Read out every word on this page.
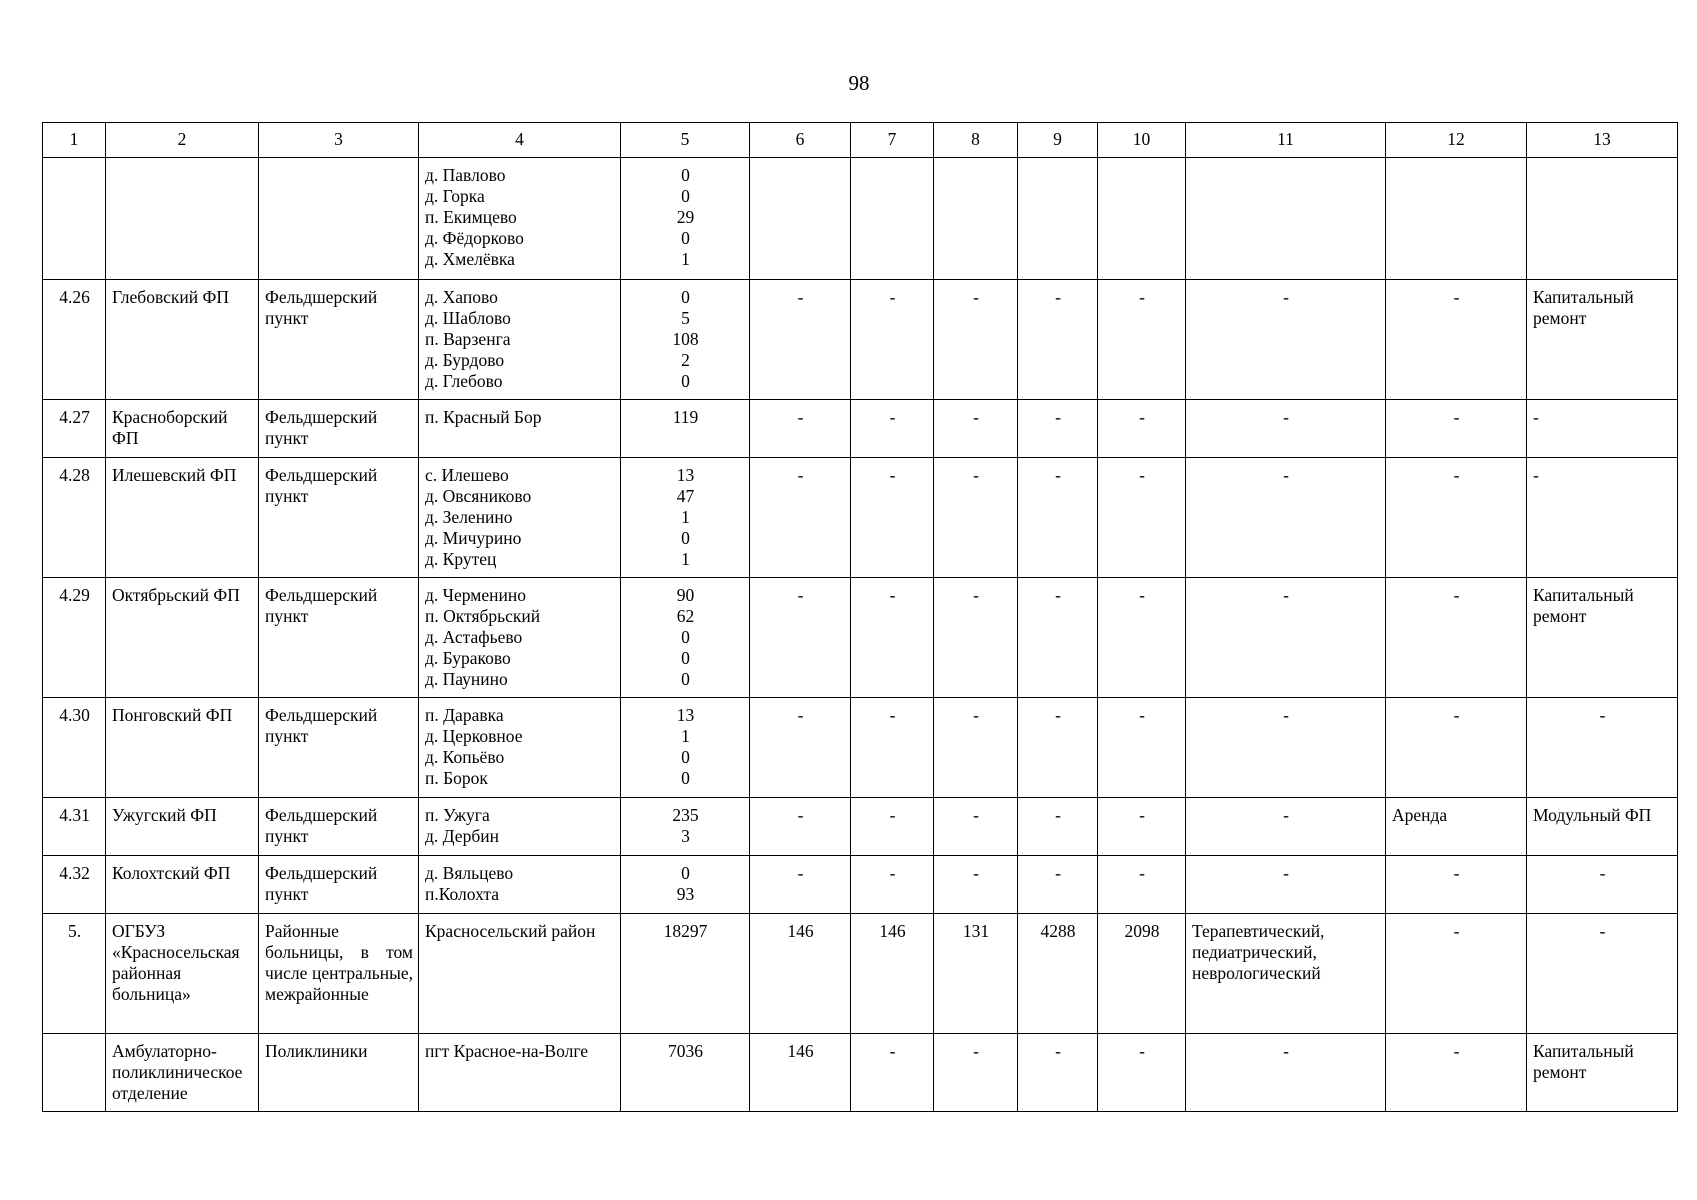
98
1	2	3	4	5	6	7	8	9	10	11	12	13
			д. Павлово
д. Горка
п. Екимцево
д. Фёдорково
д. Хмелёвка	0
0
29
0
1								
4.26	Глебовский ФП	Фельдшерский пункт	д. Хапово
д. Шаблово
п. Варзенга
д. Бурдово
д. Глебово	0
5
108
2
0	-	-	-	-	-	-	-	Капитальный ремонт
4.27	Красноборский ФП	Фельдшерский пункт	п. Красный Бор	119	-	-	-	-	-	-	-	-
4.28	Илешевский ФП	Фельдшерский пункт	с. Илешево
д. Овсяниково
д. Зеленино
д. Мичурино
д. Крутец	13
47
1
0
1	-	-	-	-	-	-	-	-
4.29	Октябрьский ФП	Фельдшерский пункт	д. Черменино
п. Октябрьский
д. Астафьево
д. Бураково
д. Паунино	90
62
0
0
0	-	-	-	-	-	-	-	Капитальный ремонт
4.30	Понговский ФП	Фельдшерский пункт	п. Даравка
д. Церковное
д. Копьёво
п. Борок	13
1
0
0	-	-	-	-	-	-	-	-
4.31	Ужугский ФП	Фельдшерский пункт	п. Ужуга
д. Дербин	235
3	-	-	-	-	-	-	Аренда	Модульный ФП
4.32	Колохтский ФП	Фельдшерский пункт	д. Вяльцево
п.Колохта	0
93	-	-	-	-	-	-	-	-
5.	ОГБУЗ «Красносельская районная больница»	Районные больницы, в том числе центральные, межрайонные	Красносельский район	18297	146	146	131	4288	2098	Терапевтический, педиатрический, неврологический	-	-
	Амбулаторно-поликлиническое отделение	Поликлиники	пгт Красное-на-Волге	7036	146	-	-	-	-	-	-	Капитальный ремонт
